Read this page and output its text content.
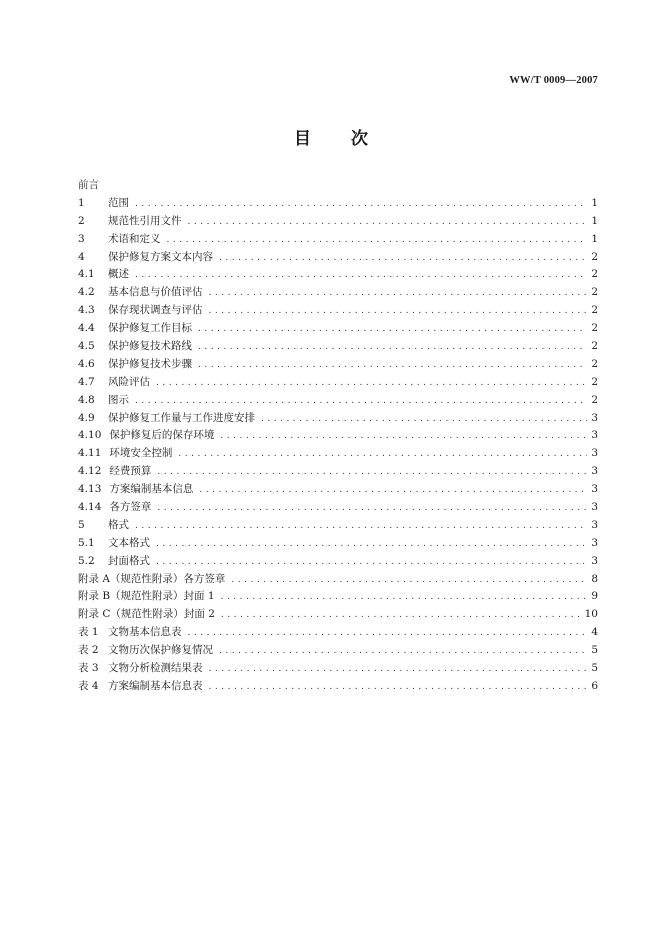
WW/T 0009—2007
目 次
前言
1	范围 .....	1
2	规范性引用文件 .....	1
3	术语和定义 .....	1
4	保护修复方案文本内容 .....	2
4.1	概述 .....	2
4.2	基本信息与价值评估 .....	2
4.3	保存现状调查与评估 .....	2
4.4	保护修复工作目标 .....	2
4.5	保护修复技术路线 .....	2
4.6	保护修复技术步骤 .....	2
4.7	风险评估 .....	2
4.8	图示 .....	2
4.9	保护修复工作量与工作进度安排 .....	3
4.10 保护修复后的保存环境 .....	3
4.11 环境安全控制 .....	3
4.12 经费预算 .....	3
4.13 方案编制基本信息 .....	3
4.14 各方签章 .....	3
5	格式 .....	3
5.1	文本格式 .....	3
5.2	封面格式 .....	3
附录 A（规范性附录）各方签章 .....	8
附录 B（规范性附录）封面 1 .....	9
附录 C（规范性附录）封面 2 .....	10
表 1 文物基本信息表 .....	4
表 2 文物历次保护修复情况 .....	5
表 3 文物分析检测结果表 .....	5
表 4 方案编制基本信息表 .....	6
